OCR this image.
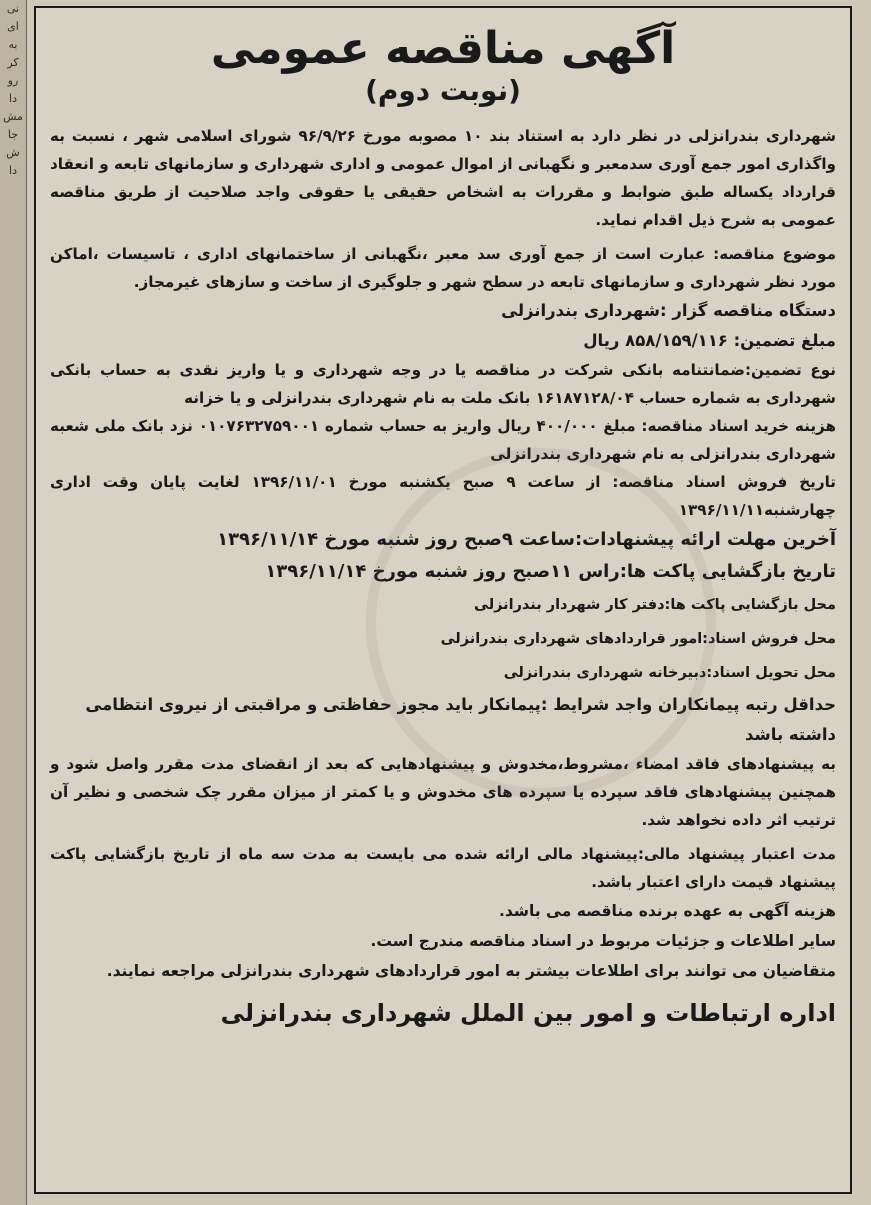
نی
ای
به
کر
رو
دا
مش
جا
ش
دا
آگهی مناقصه عمومی
(نوبت دوم)

شهرداری بندرانزلی در نظر دارد به استناد بند ۱۰ مصوبه مورخ ۹۶/۹/۲۶ شورای اسلامی شهر ، نسبت به واگذاری امور جمع آوری سدمعبر و نگهبانی از اموال عمومی و اداری شهرداری و سازمانهای تابعه و انعقاد قرارداد یکساله طبق ضوابط و مقررات به اشخاص حقیقی یا حقوقی واجد صلاحیت از طریق مناقصه عمومی به شرح ذیل اقدام نماید.

موضوع مناقصه: عبارت است از جمع آوری سد معبر ،نگهبانی از ساختمانهای اداری ، تاسیسات ،اماکن مورد نظر شهرداری و سازمانهای تابعه در سطح شهر و جلوگیری از ساخت و سازهای غیرمجاز.

دستگاه مناقصه گزار :شهرداری بندرانزلی

مبلغ تضمین: ۸۵۸/۱۵۹/۱۱۶ ریال

نوع تضمین:ضمانتنامه بانکی شرکت در مناقصه یا در وجه شهرداری و یا واریز نقدی به حساب بانکی شهرداری به شماره حساب ۱۶۱۸۷۱۲۸/۰۴ بانک ملت به نام شهرداری بندرانزلی و یا خزانه

هزینه خرید اسناد مناقصه: مبلغ ۴۰۰/۰۰۰ ریال واریز به حساب شماره ۰۱۰۷۶۳۲۷۵۹۰۰۱ نزد بانک ملی شعبه شهرداری بندرانزلی به نام شهرداری بندرانزلی

تاریخ فروش اسناد مناقصه: از ساعت ۹ صبح یکشنبه مورخ ۱۳۹۶/۱۱/۰۱ لغایت پایان وقت اداری چهارشنبه۱۳۹۶/۱۱/۱۱

آخرین مهلت ارائه پیشنهادات:ساعت ۹صبح روز شنبه مورخ ۱۳۹۶/۱۱/۱۴

تاریخ بازگشایی پاکت ها:راس ۱۱صبح روز شنبه مورخ ۱۳۹۶/۱۱/۱۴

محل بازگشایی پاکت ها:دفتر کار شهردار بندرانزلی

محل فروش اسناد:امور قراردادهای شهرداری بندرانزلی

محل تحویل اسناد:دبیرخانه شهرداری بندرانزلی

حداقل رتبه پیمانکاران واجد شرایط :پیمانکار باید مجوز حفاظتی و مراقبتی از نیروی انتظامی داشته باشد

به پیشنهادهای فاقد امضاء ،مشروط،مخدوش و پیشنهادهایی که بعد از انقضای مدت مقرر واصل شود و همچنین پیشنهادهای فاقد سپرده یا سپرده های مخدوش و یا کمتر از میزان مقرر چک شخصی و نظیر آن ترتیب اثر داده نخواهد شد.

مدت اعتبار پیشنهاد مالی:پیشنهاد مالی ارائه شده می بایست به مدت سه ماه از تاریخ بازگشایی پاکت پیشنهاد قیمت دارای اعتبار باشد.

هزینه آگهی به عهده برنده مناقصه می باشد.

سایر اطلاعات و جزئیات مربوط در اسناد مناقصه مندرج است.

متقاضیان می توانند برای اطلاعات بیشتر به امور قراردادهای شهرداری بندرانزلی مراجعه نمایند.

اداره ارتباطات و امور بین الملل شهرداری بندرانزلی
